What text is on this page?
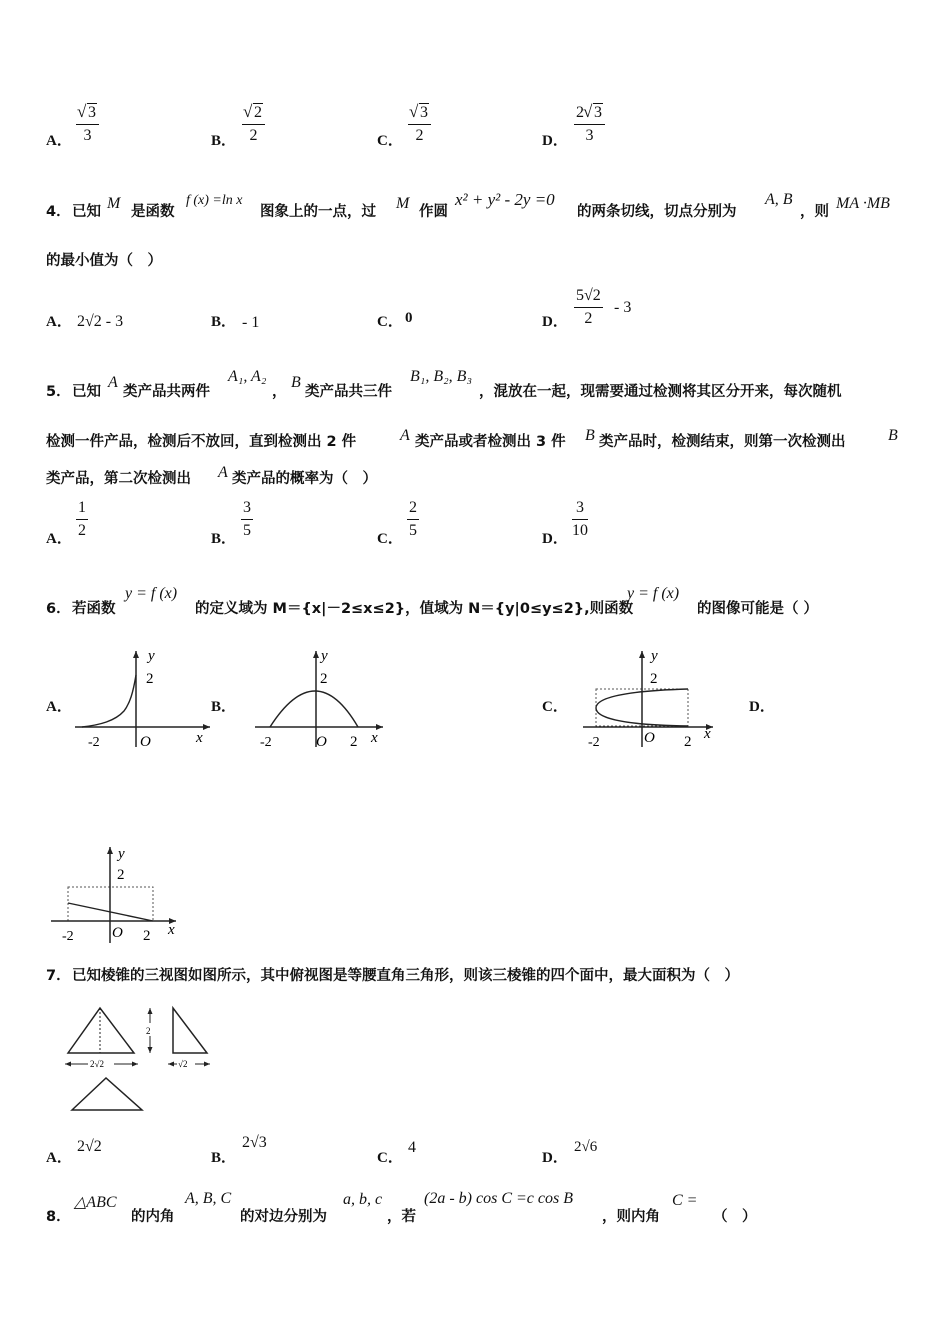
A． √ $\frac{3}{3}$	B． √ $\frac{2}{2}$	C． √ $\frac{3}{2}$	D． $\frac{2 √ 3}{3}$
4． 已知 M 是函数
f (x) =ln x
图象上的一点，过 M 作圆
x² + y² - 2y =0
的两条切线，切点分别为
A, B
，则 MA ·MB
的最小值为（　）
A． 2√2 - 3	B． - 1	C． 0	D． $\frac{5√2}{2} - 3$
5． 已知
A
类产品共两件
A₁, A₂
，
B
类产品共三件
B₁, B₂, B₃
，混放在一起，现需要通过检测将其区分开来，每次随机
检测一件产品，检测后不放回，直到检测出 2 件	A 类产品或者检测出 3 件 B 类产品时，检测结束，则第一次检测出	B
类产品，第二次检测出 A 类产品的概率为（　）
A． $\frac{1}{2}$	B． $\frac{3}{5}$	C． $\frac{2}{5}$	D． $\frac{3}{10}$
6． 若函数
y = f (x)
的定义域为 M＝{x|－2≤x≤2}，值域为 N＝{y|0≤y≤2},则函数
y = f (x)
的图像可能是（ ）
A．	B．	C．	D．
y
2
-2	O	x
y
2
-2	O 2 x
y
2
-2	O 2 x
y
2
-2	O 2 x
7． 已知棱锥的三视图如图所示，其中俯视图是等腰直角三角形，则该三棱锥的四个面中，最大面积为（　）
2√2
2
√2
A．
2√2
B．
2√3
C．
4
D．
2√6
8．
△ABC
的内角
A, B, C
的对边分别为
a, b, c
，若
(2a - b) cos C =c cos B
，则内角
C =
（　）
